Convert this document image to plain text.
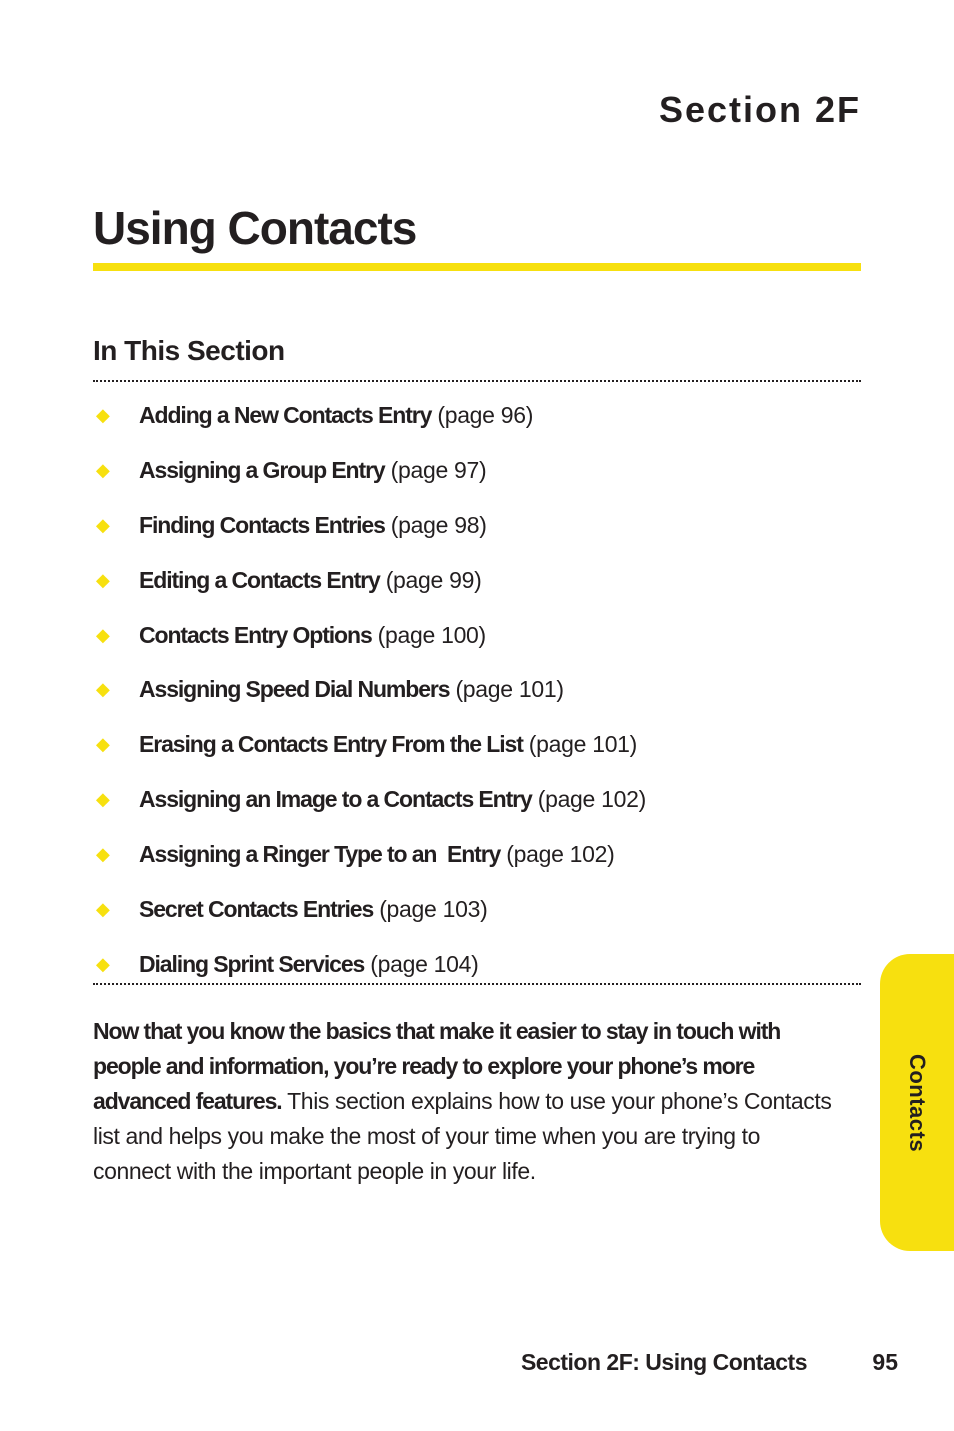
Section 2F
Using Contacts
In This Section
◆	Adding a New Contacts Entry (page 96)
◆	Assigning a Group Entry (page 97)
◆	Finding Contacts Entries (page 98)
◆	Editing a Contacts Entry (page 99)
◆	Contacts Entry Options (page 100)
◆	Assigning Speed Dial Numbers (page 101)
◆	Erasing a Contacts Entry From the List (page 101)
◆	Assigning an Image to a Contacts Entry (page 102)
◆	Assigning a Ringer Type to an  Entry (page 102)
◆	Secret Contacts Entries (page 103)
◆	Dialing Sprint Services (page 104)

Now that you know the basics that make it easier to stay in touch with people and information, you’re ready to explore your phone’s more advanced features. This section explains how to use your phone’s Contacts list and helps you make the most of your time when you are trying to connect with the important people in your life.

Contacts
Section 2F: Using Contacts	95
